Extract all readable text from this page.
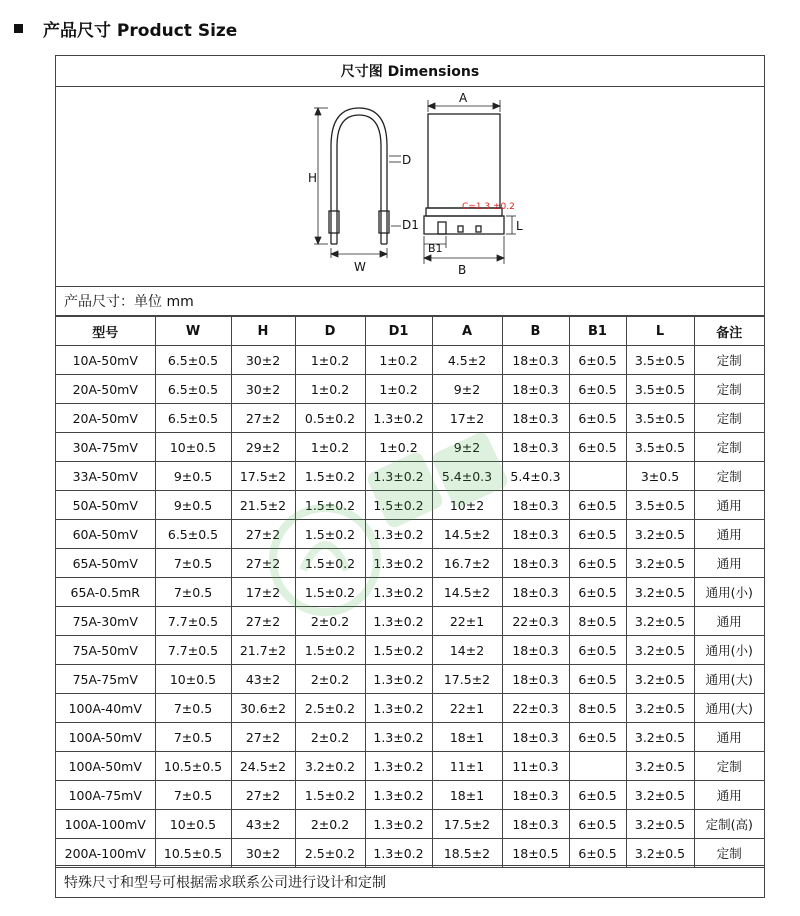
产品尺寸 Product Size
尺寸图 Dimensions
H
W
D
D1
A
B
B1
L
C=1.3 ±0.2
产品尺寸：单位 mm
型号	W	H	D	D1	A	B	B1	L	备注
10A-50mV	6.5±0.5	30±2	1±0.2	1±0.2	4.5±2	18±0.3	6±0.5	3.5±0.5	定制
20A-50mV	6.5±0.5	30±2	1±0.2	1±0.2	9±2	18±0.3	6±0.5	3.5±0.5	定制
20A-50mV	6.5±0.5	27±2	0.5±0.2	1.3±0.2	17±2	18±0.3	6±0.5	3.5±0.5	定制
30A-75mV	10±0.5	29±2	1±0.2	1±0.2	9±2	18±0.3	6±0.5	3.5±0.5	定制
33A-50mV	9±0.5	17.5±2	1.5±0.2	1.3±0.2	5.4±0.3	5.4±0.3		3±0.5	定制
50A-50mV	9±0.5	21.5±2	1.5±0.2	1.5±0.2	10±2	18±0.3	6±0.5	3.5±0.5	通用
60A-50mV	6.5±0.5	27±2	1.5±0.2	1.3±0.2	14.5±2	18±0.3	6±0.5	3.2±0.5	通用
65A-50mV	7±0.5	27±2	1.5±0.2	1.3±0.2	16.7±2	18±0.3	6±0.5	3.2±0.5	通用
65A-0.5mR	7±0.5	17±2	1.5±0.2	1.3±0.2	14.5±2	18±0.3	6±0.5	3.2±0.5	通用(小)
75A-30mV	7.7±0.5	27±2	2±0.2	1.3±0.2	22±1	22±0.3	8±0.5	3.2±0.5	通用
75A-50mV	7.7±0.5	21.7±2	1.5±0.2	1.5±0.2	14±2	18±0.3	6±0.5	3.2±0.5	通用(小)
75A-75mV	10±0.5	43±2	2±0.2	1.3±0.2	17.5±2	18±0.3	6±0.5	3.2±0.5	通用(大)
100A-40mV	7±0.5	30.6±2	2.5±0.2	1.3±0.2	22±1	22±0.3	8±0.5	3.2±0.5	通用(大)
100A-50mV	7±0.5	27±2	2±0.2	1.3±0.2	18±1	18±0.3	6±0.5	3.2±0.5	通用
100A-50mV	10.5±0.5	24.5±2	3.2±0.2	1.3±0.2	11±1	11±0.3		3.2±0.5	定制
100A-75mV	7±0.5	27±2	1.5±0.2	1.3±0.2	18±1	18±0.3	6±0.5	3.2±0.5	通用
100A-100mV	10±0.5	43±2	2±0.2	1.3±0.2	17.5±2	18±0.3	6±0.5	3.2±0.5	定制(高)
200A-100mV	10.5±0.5	30±2	2.5±0.2	1.3±0.2	18.5±2	18±0.5	6±0.5	3.2±0.5	定制
特殊尺寸和型号可根据需求联系公司进行设计和定制
